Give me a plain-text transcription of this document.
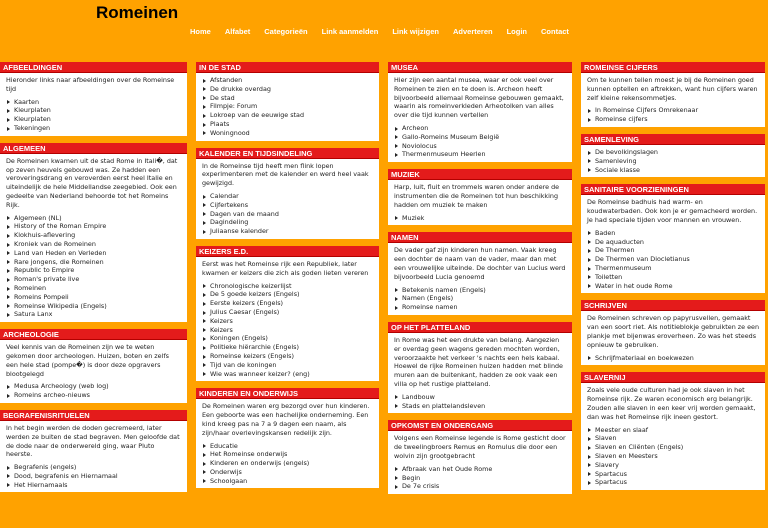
Romeinen
Home Alfabet Categorieën Link aanmelden Link wijzigen Adverteren Login Contact
AFBEELDINGEN

Hieronder links naar afbeeldingen over de Romeinse tijd

Kaarten
Kleurplaten
Kleurplaten
Tekeningen
ALGEMEEN

De Romeinen kwamen uit de stad Rome in Itali�, dat op zeven heuvels gebouwd was. Ze hadden een veroveringsdrang en veroverden eerst heel Italie en uiteindelijk de hele Middellandse zeegebied. Ook een gedeelte van Nederland behoorde tot het Romeins Rijk.

Algemeen (NL)
History of the Roman Empire
Klokhuis-aflevering
Kroniek van de Romeinen
Land van Heden en Verleden
Rare jongens, die Romeinen
Republic to Empire
Roman's private live
Romeinen
Romeins Pompeii
Romeinse Wikipedia (Engels)
Satura Lanx
ARCHEOLOGIE

Veel kennis van de Romeinen zijn we te weten gekomen door archeologen. Huizen, boten en zelfs een hele stad (pompe�) is door deze opgravers blootgelegd

Medusa Archeology (web log)
Romeins archeo-nieuws
BEGRAFENISRITUELEN

In het begin werden de doden gecremeerd, later werden ze buiten de stad begraven. Men geloofde dat de dode naar de onderwereld ging, waar Pluto heerste.

Begrafenis (engels)
Dood, begrafenis en Hiernamaal
Het Hiernamaals
IN DE STAD
Afstanden
De drukke overdag
De stad
Filmpje: Forum
Lokroep van de eeuwige stad
Plaats
Woningnood
KALENDER EN TIJDSINDELING

In de Romeinse tijd heeft men flink lopen experimenteren met de kalender en werd heel vaak gewijzigd.

Calendar
Cijfertekens
Dagen van de maand
Dagindeling
Juliaanse kalender
KEIZERS E.D.

Eerst was het Romeinse rijk een Republiek, later kwamen er keizers die zich als goden lieten vereren

Chronologische keizerlijst
De 5 goede keizers (Engels)
Eerste keizers (Engels)
Julius Caesar (Engels)
Keizers
Keizers
Koningen (Engels)
Politieke hiërarchie (Engels)
Romeinse keizers (Engels)
Tijd van de koningen
Wie was wanneer keizer? (eng)
KINDEREN EN ONDERWIJS

De Romeinen waren erg bezorgd over hun kinderen. Een geboorte was een hachelijke onderneming. Een kind kreeg pas na 7 a 9 dagen een naam, als zijn/haar overlevingskansen redelijk zijn.

Educatie
Het Romeinse onderwijs
Kinderen en onderwijs (engels)
Onderwijs
Schoolgaan
MUSEA

Hier zijn een aantal musea, waar er ook veel over Romeinen te zien en te doen is. Archeon heeft bijvoorbeeld allemaal Romeinse gebouwen gemaakt, waarin als romeinverkleden Arheotolken van alles over die tijd kunnen vertellen

Archeon
Gallo-Romeins Museum België
Noviolocus
Thermenmuseum Heerlen
MUZIEK

Harp, luit, fluit en trommels waren onder andere de instrumenten die de Romeinen tot hun beschikking hadden om muziek te maken

Muziek
NAMEN

De vader gaf zijn kinderen hun namen. Vaak kreeg een dochter de naam van de vader, maar dan met een vrouwelijke uiteinde. De dochter van Lucius werd bijvoorbeeld Lucia genoemd

Betekenis namen (Engels)
Namen (Engels)
Romeinse namen
OP HET PLATTELAND

In Rome was het een drukte van belang. Aangezien er overdag geen wagens gereden mochten worden, veroorzaakte het verkeer 's nachts een hels kabaal. Hoewel de rijke Romeinen huizen hadden met blinde muren aan de buitenkant, hadden ze ook vaak een villa op het rustige platteland.

Landbouw
Stads en plattelandsleven
OPKOMST EN ONDERGANG

Volgens een Romeinse legende is Rome gesticht door de tweelingbroers Remus en Romulus die door een wolvin zijn grootgebracht

Afbraak van het Oude Rome
Begin
De 7e crisis
ROMEINSE CIJFERS

Om te kunnen tellen moest je bij de Romeinen goed kunnen optellen en aftrekken, want hun cijfers waren zelf kleine rekensommetjes.

In Romeinse Cijfers Omrekenaar
Romeinse cijfers
SAMENLEVING
De bevolkingslagen
Samenleving
Sociale klasse
SANITAIRE VOORZIENINGEN

De Romeinse badhuis had warm- en koudwaterbaden. Ook kon je er gemacheerd worden. Je had speciale tijden voor mannen en vrouwen.

Baden
De aquaducten
De Thermen
De Thermen van Diocletianus
Thermenmuseum
Toiletten
Water in het oude Rome
SCHRIJVEN

De Romeinen schreven op papyrusvellen, gemaakt van een soort riet. Als notitieblokje gebruikten ze een plankje met bijenwas eroverheen. Zo was het steeds opnieuw te gebruiken.

Schrijfmateriaal en boekwezen
SLAVERNIJ

Zoals vele oude culturen had je ook slaven in het Romeinse rijk. Ze waren economisch erg belangrijk. Zouden alle slaven in een keer vrij worden gemaakt, dan was het Romeinse rijk ineen gestort.

Meester en slaaf
Slaven
Slaven en Cliënten (Engels)
Slaven en Meesters
Slavery
Spartacus
Spartacus
